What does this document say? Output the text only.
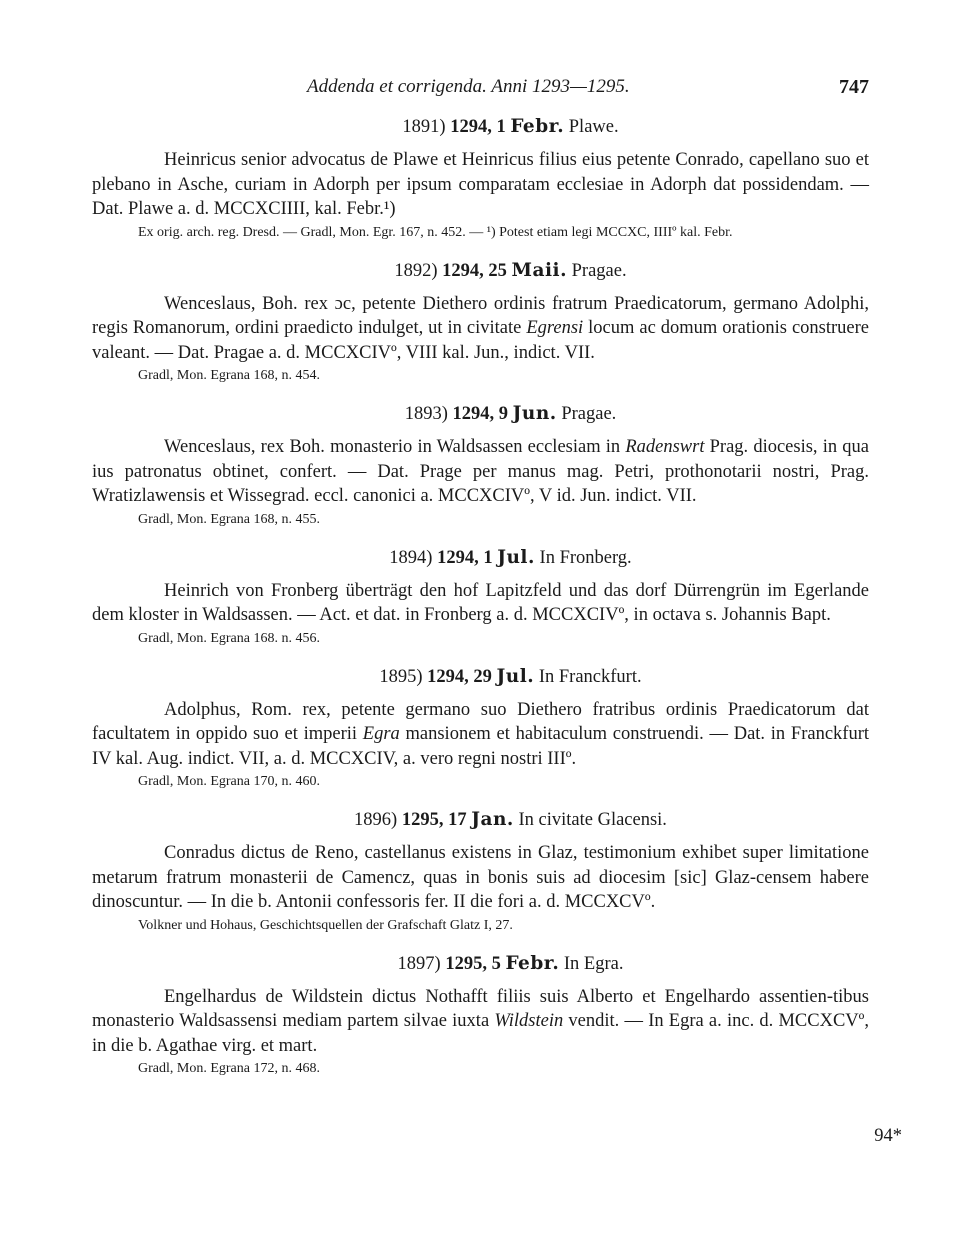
Addenda et corrigenda. Anni 1293—1295.	747
1891) 1294, 1 Febr. Plawe.

Heinricus senior advocatus de Plawe et Heinricus filius eius petente Conrado, capellano suo et plebano in Asche, curiam in Adorph per ipsum comparatam ecclesiae in Adorph dat possidendam. — Dat. Plawe a. d. MCCXCIIII, kal. Febr.¹)

Ex orig. arch. reg. Dresd. — Gradl, Mon. Egr. 167, n. 452. — ¹) Potest etiam legi MCCXC, IIIIº kal. Febr.
1892) 1294, 25 Maii. Pragae.

Wenceslaus, Boh. rex ɔc, petente Diethero ordinis fratrum Praedicatorum, germano Adolphi, regis Romanorum, ordini praedicto indulget, ut in civitate Egrensi locum ac domum orationis construere valeant. — Dat. Pragae a. d. MCCXCIVº, VIII kal. Jun., indict. VII.

Gradl, Mon. Egrana 168, n. 454.
1893) 1294, 9 Jun. Pragae.

Wenceslaus, rex Boh. monasterio in Waldsassen ecclesiam in Radenswrt Prag. diocesis, in qua ius patronatus obtinet, confert. — Dat. Prage per manus mag. Petri, prothonotarii nostri, Prag. Wratizlawensis et Wissegrad. eccl. canonici a. MCCXCIVº, V id. Jun. indict. VII.

Gradl, Mon. Egrana 168, n. 455.
1894) 1294, 1 Jul. In Fronberg.

Heinrich von Fronberg überträgt den hof Lapitzfeld und das dorf Dürrengrün im Egerlande dem kloster in Waldsassen. — Act. et dat. in Fronberg a. d. MCCXCIVº, in octava s. Johannis Bapt.

Gradl, Mon. Egrana 168. n. 456.
1895) 1294, 29 Jul. In Franckfurt.

Adolphus, Rom. rex, petente germano suo Diethero fratribus ordinis Praedicatorum dat facultatem in oppido suo et imperii Egra mansionem et habitaculum construendi. — Dat. in Franckfurt IV kal. Aug. indict. VII, a. d. MCCXCIV, a. vero regni nostri IIIº.

Gradl, Mon. Egrana 170, n. 460.
1896) 1295, 17 Jan. In civitate Glacensi.

Conradus dictus de Reno, castellanus existens in Glaz, testimonium exhibet super limitatione metarum fratrum monasterii de Camencz, quas in bonis suis ad diocesim [sic] Glaz-censem habere dinoscuntur. — In die b. Antonii confessoris fer. II die fori a. d. MCCXCVº.

Volkner und Hohaus, Geschichtsquellen der Grafschaft Glatz I, 27.
1897) 1295, 5 Febr. In Egra.

Engelhardus de Wildstein dictus Nothafft filiis suis Alberto et Engelhardo assentien-tibus monasterio Waldsassensi mediam partem silvae iuxta Wildstein vendit. — In Egra a. inc. d. MCCXCVº, in die b. Agathae virg. et mart.

Gradl, Mon. Egrana 172, n. 468.
94*
